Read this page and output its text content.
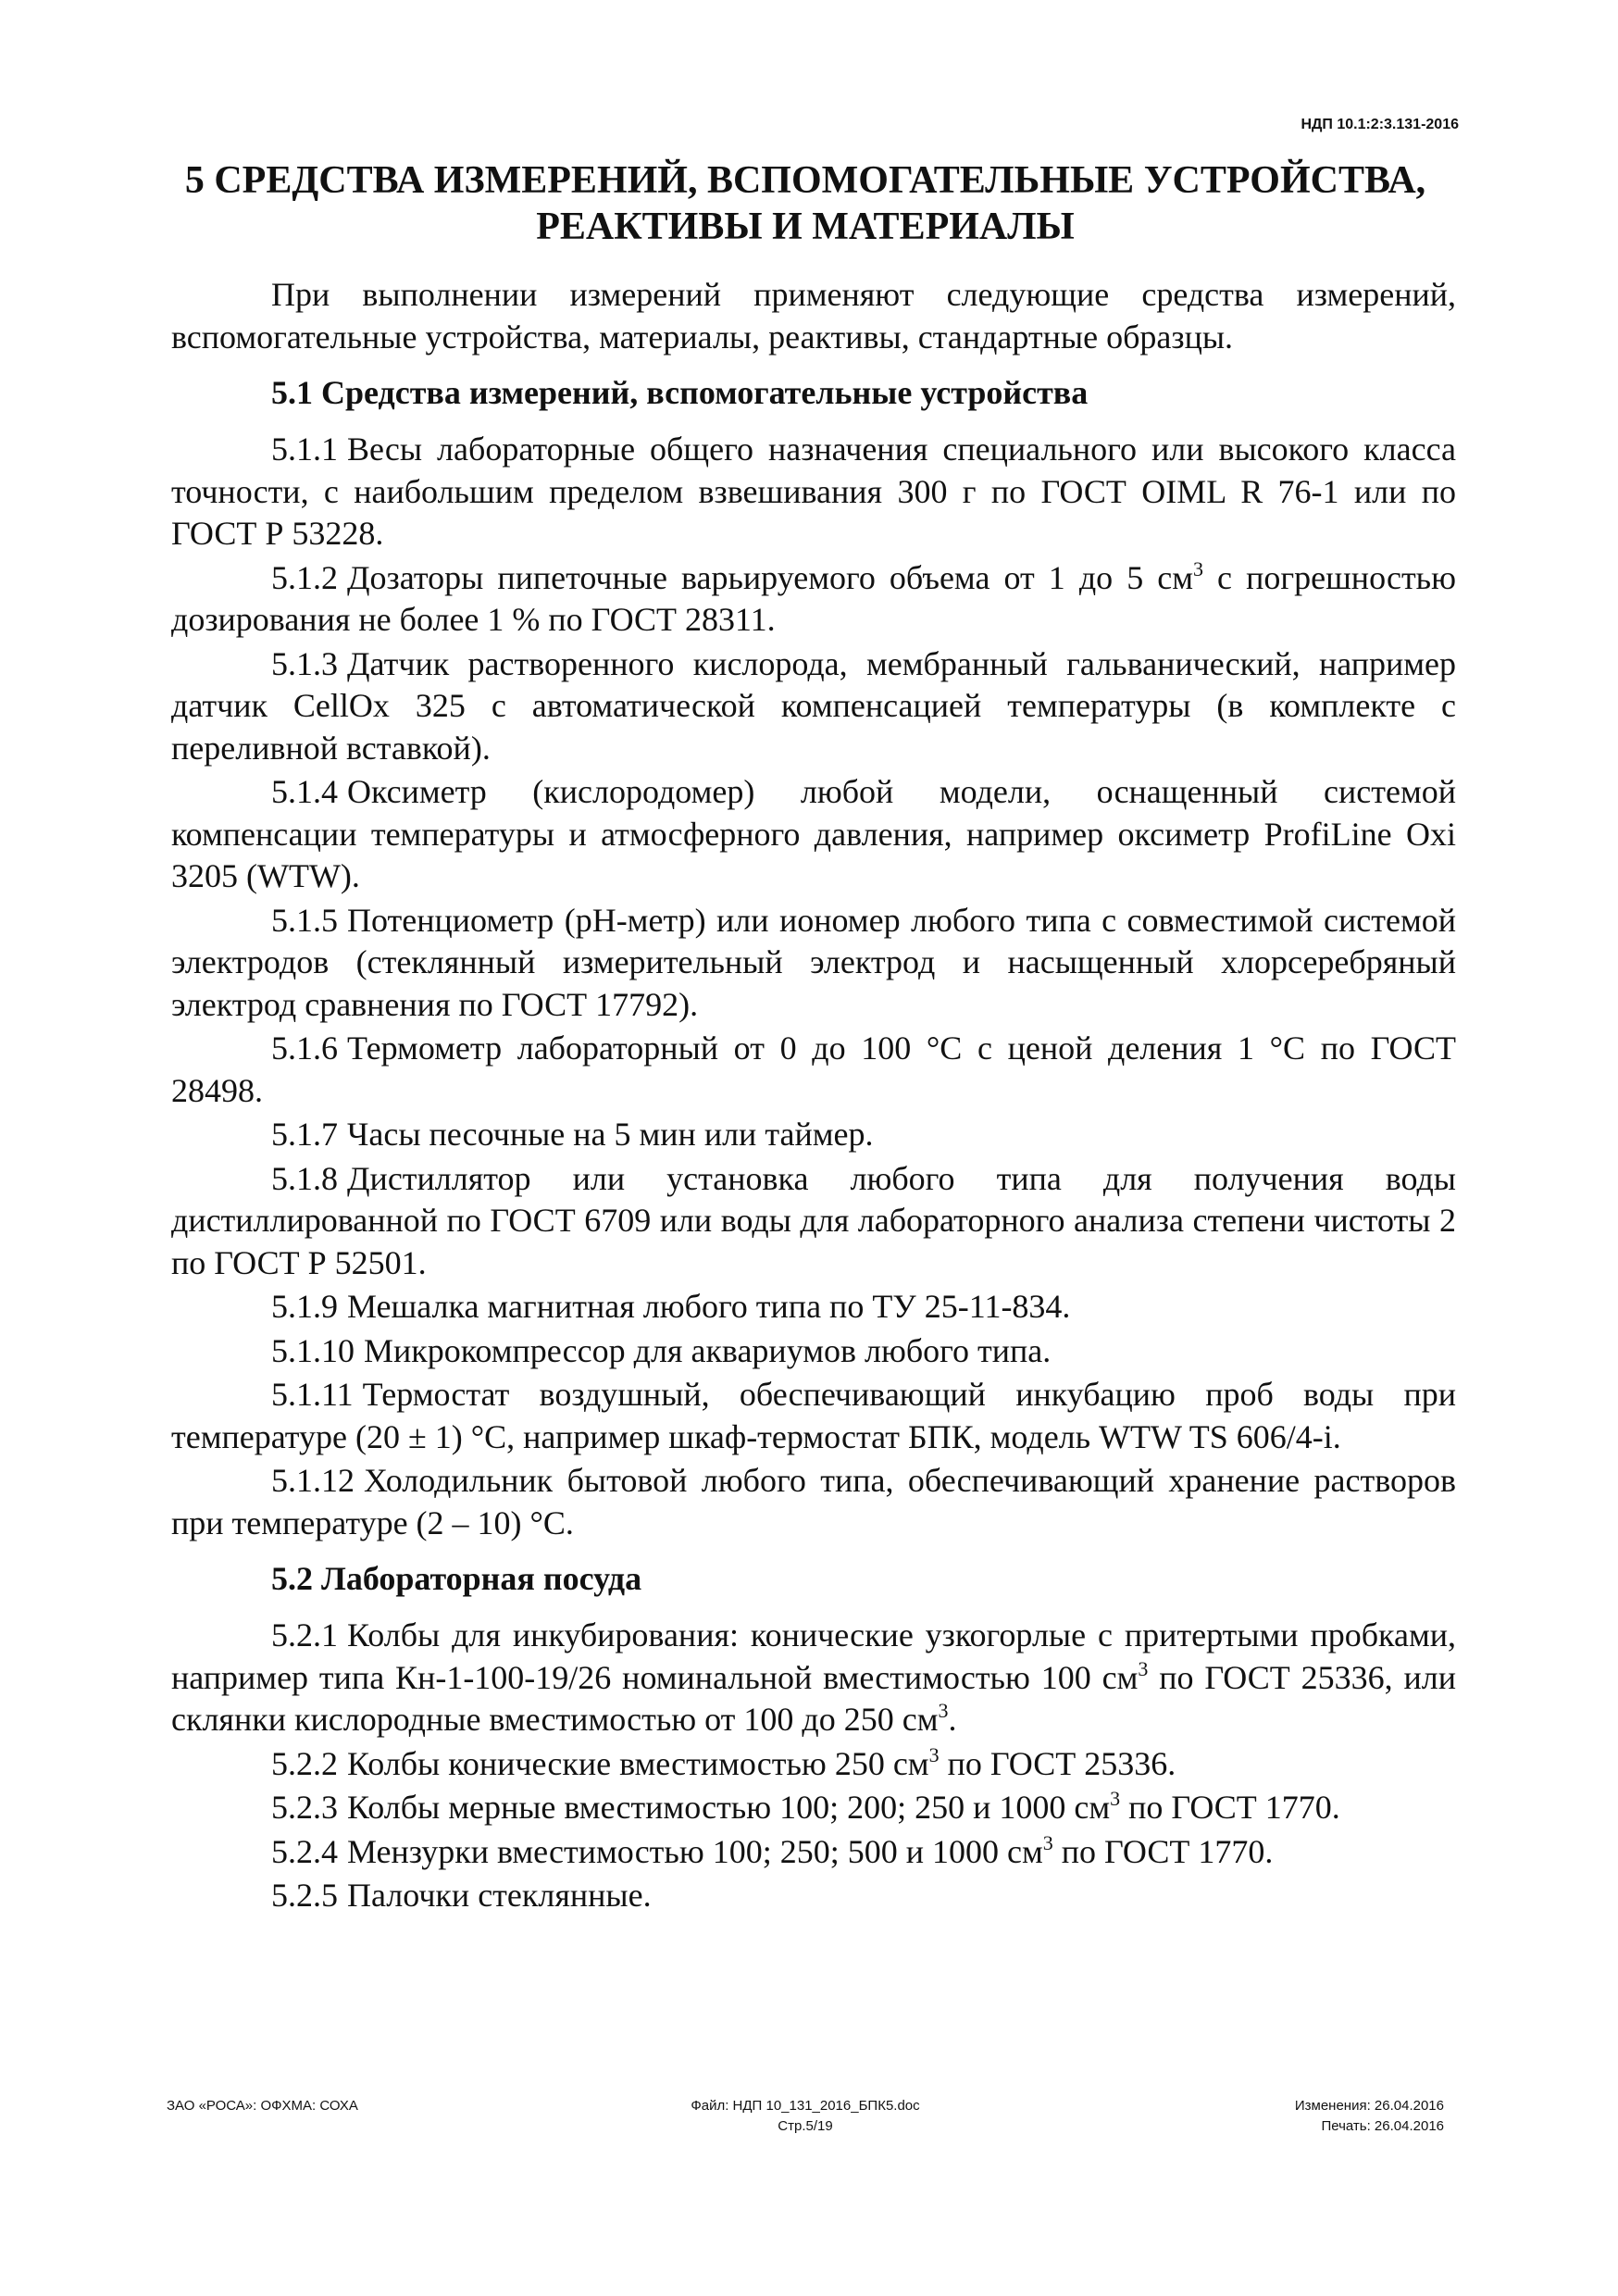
НДП 10.1:2:3.131-2016
5 СРЕДСТВА ИЗМЕРЕНИЙ, ВСПОМОГАТЕЛЬНЫЕ УСТРОЙСТВА,
РЕАКТИВЫ И МАТЕРИАЛЫ

При выполнении измерений применяют следующие средства измерений, вспомогательные устройства, материалы, реактивы, стандартные образцы.

5.1 Средства измерений, вспомогательные устройства

5.1.1 Весы лабораторные общего назначения специального или высокого класса точности, с наибольшим пределом взвешивания 300 г по ГОСТ OIML R 76-1 или по ГОСТ Р 53228.

5.1.2 Дозаторы пипеточные варьируемого объема от 1 до 5 $см^3$ с погрешностью дозирования не более 1 % по ГОСТ 28311.

5.1.3 Датчик растворенного кислорода, мембранный гальванический, например датчик CellOx 325 с автоматической компенсацией температуры (в комплекте с переливной вставкой).

5.1.4 Оксиметр (кислородомер) любой модели, оснащенный системой компенсации температуры и атмосферного давления, например оксиметр ProfiLine Oxi 3205 (WTW).

5.1.5 Потенциометр (рН-метр) или иономер любого типа с совместимой системой электродов (стеклянный измерительный электрод и насыщенный хлорсеребряный электрод сравнения по ГОСТ 17792).

5.1.6 Термометр лабораторный от 0 до 100 °С с ценой деления 1 °С по ГОСТ 28498.

5.1.7 Часы песочные на 5 мин или таймер.

5.1.8 Дистиллятор или установка любого типа для получения воды дистиллированной по ГОСТ 6709 или воды для лабораторного анализа степени чистоты 2 по ГОСТ Р 52501.

5.1.9 Мешалка магнитная любого типа по ТУ 25-11-834.

5.1.10 Микрокомпрессор для аквариумов любого типа.

5.1.11 Термостат воздушный, обеспечивающий инкубацию проб воды при температуре (20 ± 1) °С, например шкаф-термостат БПК, модель WTW TS 606/4-i.

5.1.12 Холодильник бытовой любого типа, обеспечивающий хранение растворов при температуре (2 – 10) °С.

5.2 Лабораторная посуда

5.2.1 Колбы для инкубирования: конические узкогорлые с притертыми пробками, например типа Кн-1-100-19/26 номинальной вместимостью 100 $см^3$ по ГОСТ 25336, или склянки кислородные вместимостью от 100 до 250 $см^3$.

5.2.2 Колбы конические вместимостью 250 $см^3$ по ГОСТ 25336.

5.2.3 Колбы мерные вместимостью 100; 200; 250 и 1000 $см^3$ по ГОСТ 1770.

5.2.4 Мензурки вместимостью 100; 250; 500 и 1000 $см^3$ по ГОСТ 1770.

5.2.5 Палочки стеклянные.

ЗАО «РОСА»: ОФХМА: СОХА	Файл: НДП 10_131_2016_БПК5.doc
Стр.5/19
Изменения: 26.04.2016
Печать: 26.04.2016
